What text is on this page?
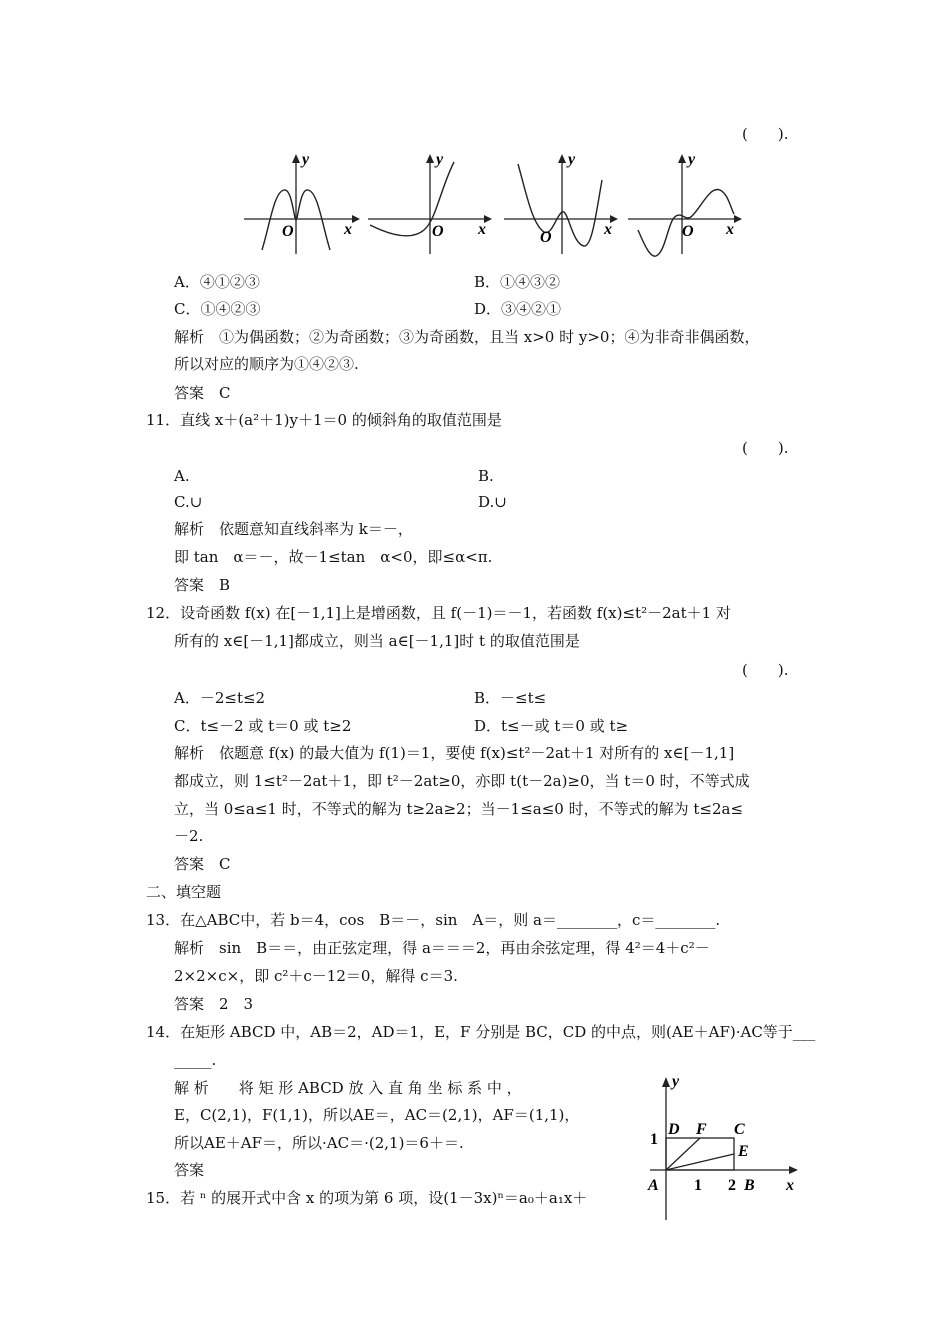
(　　).
y
x
O
y
x
O
y
x
O
y
x
O
A．④①②③	B．①④③②
C．①④②③	D．③④②①
解析　①为偶函数；②为奇函数；③为奇函数，且当 x>0 时 y>0；④为非奇非偶函数，
所以对应的顺序为①④②③.
答案　C
11．直线 x＋(a²＋1)y＋1＝0 的倾斜角的取值范围是
(　　).
A.	B.
C.∪	D.∪
解析　依题意知直线斜率为 k＝－，
即 tan　α＝－，故－1≤tan　α<0，即≤α<π.
答案　B
12．设奇函数 f(x) 在[－1,1]上是增函数，且 f(－1)＝－1，若函数 f(x)≤t²－2at＋1 对
所有的 x∈[－1,1]都成立，则当 a∈[－1,1]时 t 的取值范围是
(　　).
A．－2≤t≤2	B．－≤t≤
C．t≤－2 或 t＝0 或 t≥2	D．t≤－或 t＝0 或 t≥
解析　依题意 f(x) 的最大值为 f(1)＝1，要使 f(x)≤t²－2at＋1 对所有的 x∈[－1,1]
都成立，则 1≤t²－2at＋1，即 t²－2at≥0，亦即 t(t－2a)≥0，当 t＝0 时，不等式成
立，当 0≤a≤1 时，不等式的解为 t≥2a≥2；当－1≤a≤0 时，不等式的解为 t≤2a≤
－2.
答案　C
二、填空题
13．在△ABC中，若 b＝4，cos　B＝－，sin　A＝，则 a＝________，c＝________.
解析　sin　B＝＝，由正弦定理，得 a＝＝＝2，再由余弦定理，得 4²＝4＋c²－
2×2×c×，即 c²＋c－12＝0，解得 c＝3.
答案　2　3
14．在矩形 ABCD 中，AB＝2，AD＝1，E，F 分别是 BC，CD 的中点，则(AE＋AF)·AC等于___
_____.
解 析　　将 矩 形 ABCD 放 入 直 角 坐 标 系 中 ，
E，C(2,1)，F(1,1)，所以AE＝，AC＝(2,1)，AF＝(1,1)，
所以AE＋AF＝，所以·AC＝·(2,1)＝6＋＝.
答案
y
x
A	B
C
D
E
F
1
1 2
15．若 ⁿ 的展开式中含 x 的项为第 6 项，设(1－3x)ⁿ＝a₀＋a₁x＋
